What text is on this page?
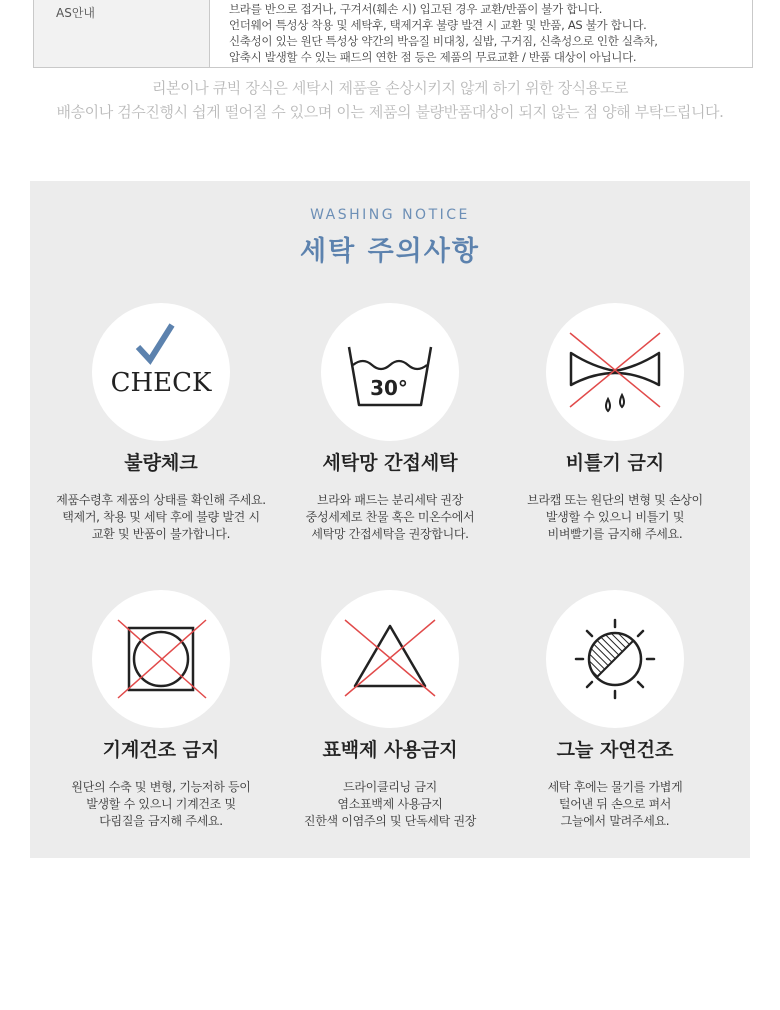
AS안내	브라를 반으로 접거나, 구겨서(훼손 시) 입고된 경우 교환/반품이 불가 합니다.
언더웨어 특성상 착용 및 세탁후, 택제거후 불량 발견 시 교환 및 반품, AS 불가 합니다.
신축성이 있는 원단 특성상 약간의 박음질 비대칭, 실밥, 구거짐, 신축성으로 인한 실측차,
압축시 발생할 수 있는 패드의 연한 점 등은 제품의 무료교환 / 반품 대상이 아닙니다.
리본이나 큐빅 장식은 세탁시 제품을 손상시키지 않게 하기 위한 장식용도로
배송이나 검수진행시 쉽게 떨어질 수 있으며 이는 제품의 불량반품대상이 되지 않는 점 양해 부탁드립니다.
WASHING NOTICE
세탁 주의사항
CHECK
불량체크
제품수령후 제품의 상태를 확인해 주세요.
택제거, 착용 및 세탁 후에 불량 발견 시
교환 및 반품이 불가합니다.
30°
세탁망 간접세탁
브라와 패드는 분리세탁 권장
중성세제로 찬물 혹은 미온수에서
세탁망 간접세탁을 권장합니다.
비틀기 금지
브라캡 또는 원단의 변형 및 손상이
발생할 수 있으니 비틀기 및
비벼빨기를 금지해 주세요.
기계건조 금지
원단의 수축 및 변형, 기능저하 등이
발생할 수 있으니 기계건조 및
다림질을 금지해 주세요.
표백제 사용금지
드라이클리닝 금지
염소표백제 사용금지
진한색 이염주의 및 단독세탁 권장
그늘 자연건조
세탁 후에는 물기를 가볍게
털어낸 뒤 손으로 펴서
그늘에서 말려주세요.
